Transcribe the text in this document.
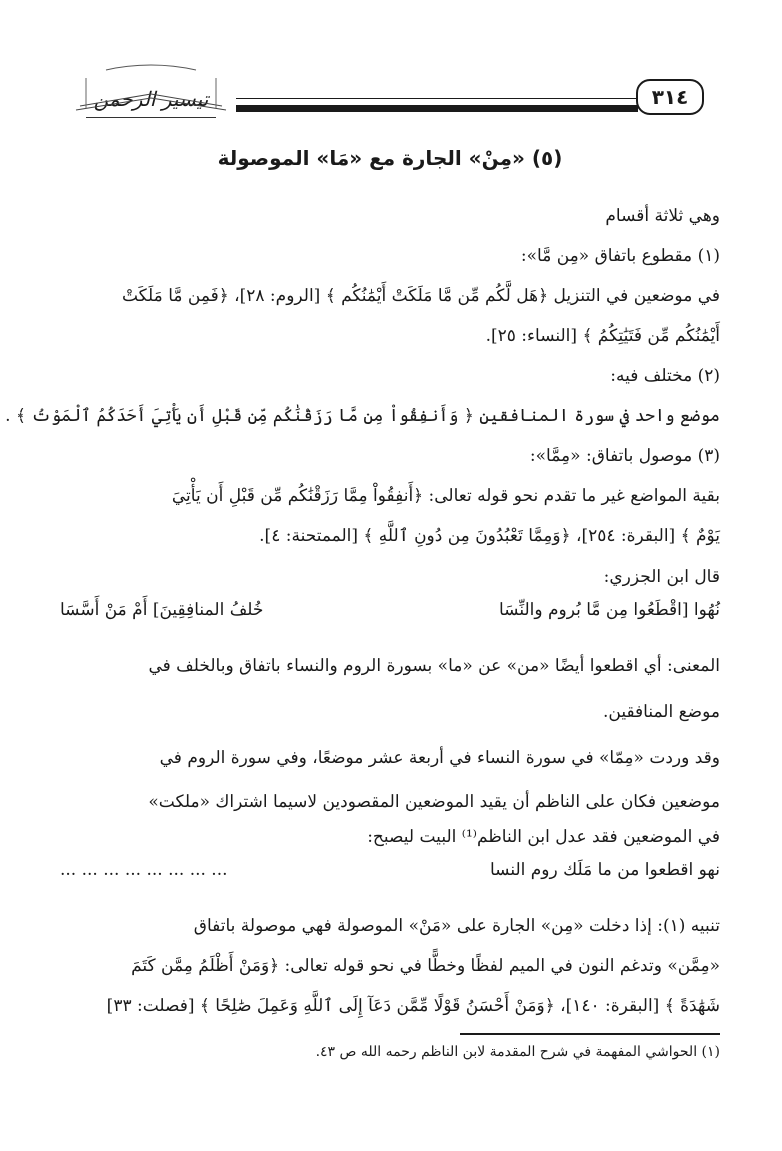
تيسير الرحمن	٣١٤
(٥) «مِنْ» الجارة مع «مَا» الموصولة
وهي ثلاثة أقسام
(١) مقطوع باتفاق «مِن مَّا»:
في موضعين في التنزيل ﴿هَل لَّكُم مِّن مَّا مَلَكَتْ أَيْمَٰنُكُم ﴾ [الروم: ٢٨]، ﴿فَمِن مَّا مَلَكَتْ
أَيْمَٰنُكُم مِّن فَتَيَٰتِكُمُ ﴾ [النساء: ٢٥].
(٢) مختلف فيه:
موضع واحد في سورة المنافقين ﴿ وَأَنفِقُواْ مِن مَّا رَزَقْنَٰكُم مِّن قَبْلِ أَن يَأْتِيَ أَحَدَكُمُ ٱلْمَوْتُ ﴾ .
(٣) موصول باتفاق: «مِمَّا»:
بقية المواضع غير ما تقدم نحو قوله تعالى: ﴿أَنفِقُواْ مِمَّا رَزَقْنَٰكُم مِّن قَبْلِ أَن يَأْتِيَ
يَوْمٌ ﴾ [البقرة: ٢٥٤]، ﴿وَمِمَّا تَعْبُدُونَ مِن دُونِ ٱللَّهِ ﴾ [الممتحنة: ٤].
قال ابن الجزري:
نُهُوا [اقْطَعُوا مِن مَّا بُروم والنِّسَا
خُلفُ المنافِقِينَ] أَمْ مَنْ أَسَّسَا
المعنى: أي اقطعوا أيضًا «من» عن «ما» بسورة الروم والنساء باتفاق وبالخلف في
موضع المنافقين.
وقد وردت «مِمّا» في سورة النساء في أربعة عشر موضعًا، وفي سورة الروم في
موضعين فكان على الناظم أن يقيد الموضعين المقصودين لاسيما اشتراك «ملكت»
في الموضعين فقد عدل ابن الناظم⁽¹⁾ البيت ليصبح:
نهو اقطعوا من ما مَلَك روم النسا
... ... ... ... ... ... ... ...
تنبيه (١): إذا دخلت «مِن» الجارة على «مَنْ» الموصولة فهي موصولة باتفاق
«مِمَّن» وتدغم النون في الميم لفظًا وخطًّا في نحو قوله تعالى: ﴿وَمَنْ أَظْلَمُ مِمَّن كَتَمَ
شَهَٰدَةً ﴾ [البقرة: ١٤٠]، ﴿وَمَنْ أَحْسَنُ قَوْلًا مِّمَّن دَعَآ إِلَى ٱللَّهِ وَعَمِلَ صَٰلِحًا ﴾ [فصلت: ٣٣]
(١) الحواشي المفهمة في شرح المقدمة لابن الناظم رحمه الله ص ٤٣.
